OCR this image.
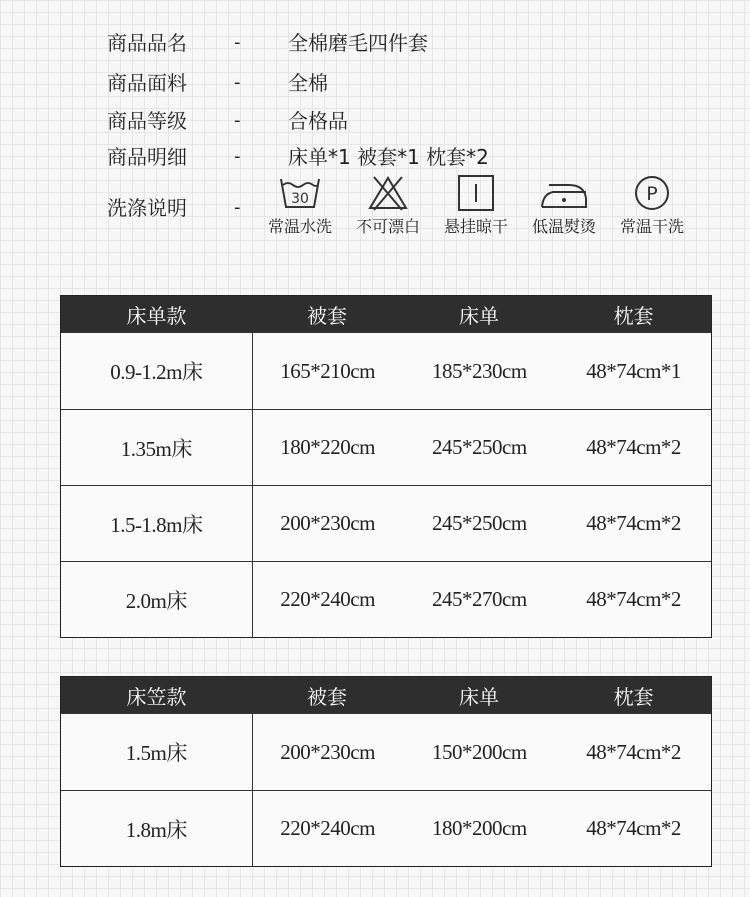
商品品名	- 全棉磨毛四件套
商品面料	- 全棉
商品等级	- 合格品
商品明细	- 床单*1 被套*1 枕套*2
洗涤说明	-	30
常温水洗	不可漂白	悬挂晾干	低温熨烫
P
常温干洗
床单款	被套	床单	枕套
0.9-1.2m床	165*210cm	185*230cm	48*74cm*1
1.35m床	180*220cm	245*250cm	48*74cm*2
1.5-1.8m床	200*230cm	245*250cm	48*74cm*2
2.0m床	220*240cm	245*270cm	48*74cm*2
床笠款	被套	床单	枕套
1.5m床	200*230cm	150*200cm	48*74cm*2
1.8m床	220*240cm	180*200cm	48*74cm*2
